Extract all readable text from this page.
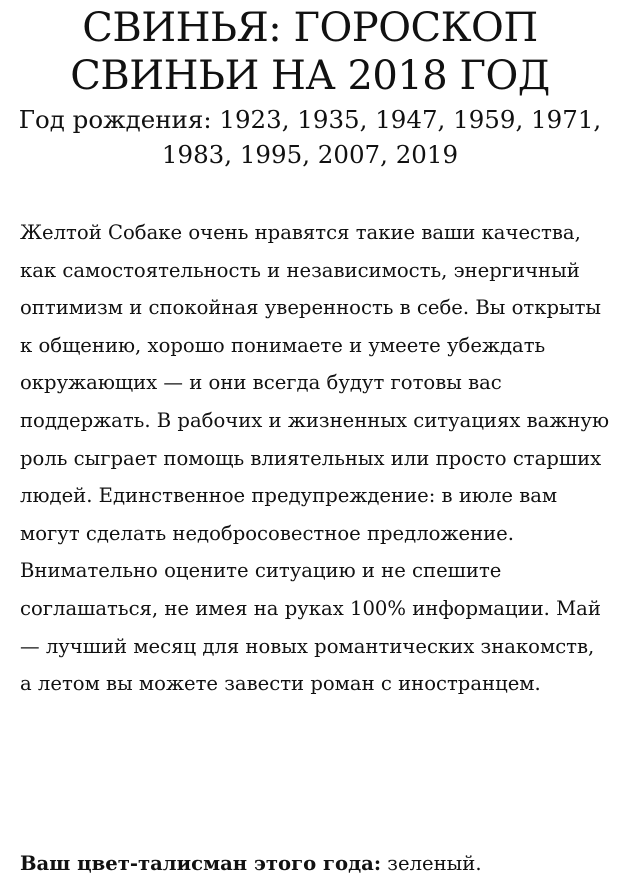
СВИНЬЯ: ГОРОСКОП
СВИНЬИ НА 2018 ГОД

Год рождения: 1923, 1935, 1947, 1959, 1971,
1983, 1995, 2007, 2019

Желтой Собаке очень нравятся такие ваши качества, как самостоятельность и независимость, энергичный оптимизм и спокойная уверенность в себе. Вы открыты к общению, хорошо понимаете и умеете убеждать окружающих — и они всегда будут готовы вас поддержать. В рабочих и жизненных ситуациях важную роль сыграет помощь влиятельных или просто старших людей. Единственное предупреждение: в июле вам могут сделать недобросовестное предложение. Внимательно оцените ситуацию и не спешите соглашаться, не имея на руках 100% информации. Май — лучший месяц для новых романтических знакомств, а летом вы можете завести роман с иностранцем.

Ваш цвет-талисман этого года: зеленый.
